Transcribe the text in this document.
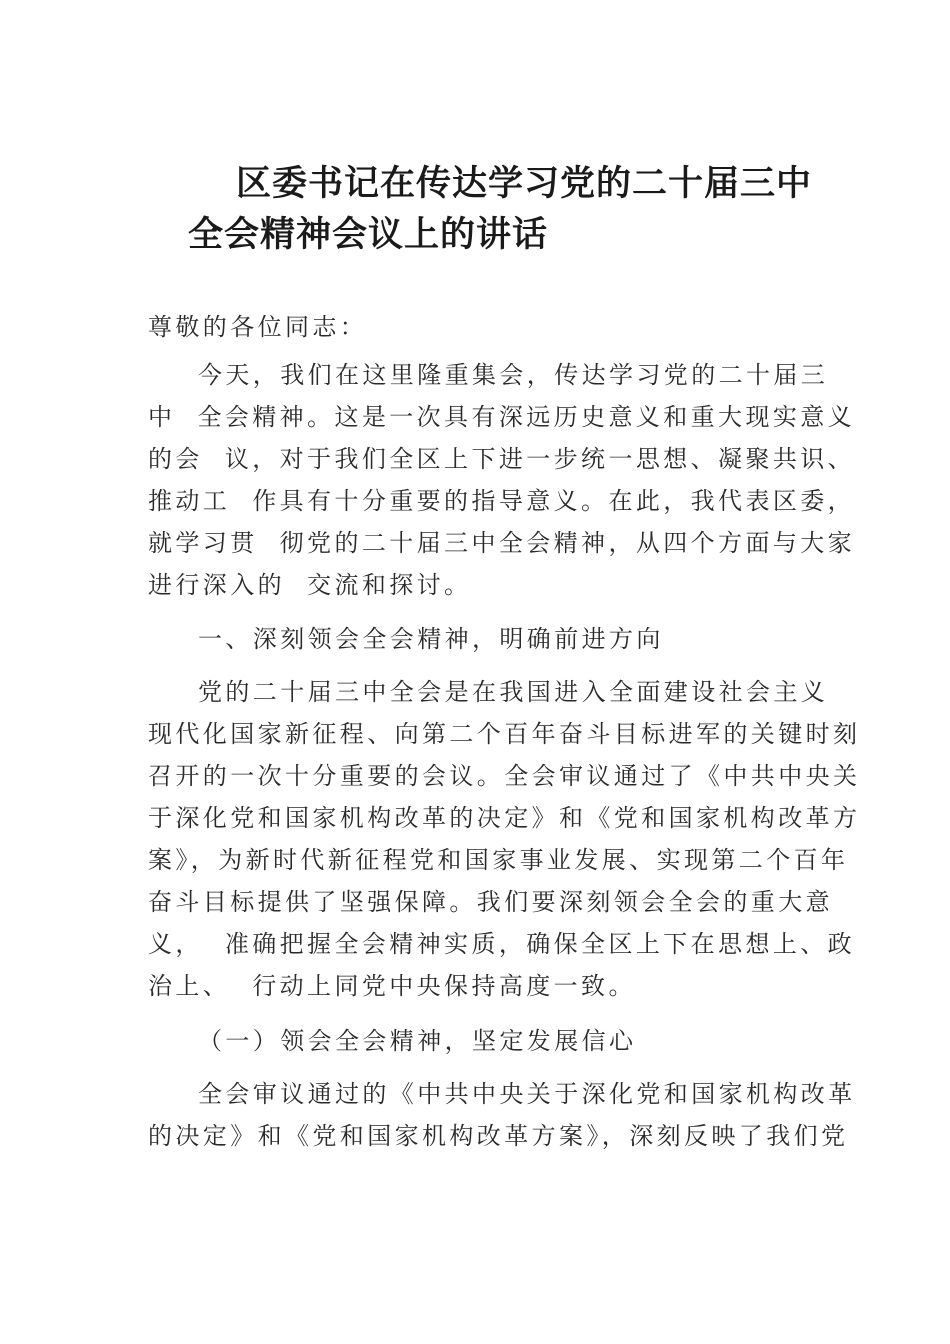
区委书记在传达学习党的二十届三中
全会精神会议上的讲话
尊敬的各位同志：
今天，我们在这里隆重集会，传达学习党的二十届三
中  全会精神。这是一次具有深远历史意义和重大现实意义
的会  议，对于我们全区上下进一步统一思想、凝聚共识、
推动工  作具有十分重要的指导意义。在此，我代表区委，
就学习贯  彻党的二十届三中全会精神，从四个方面与大家
进行深入的  交流和探讨。
一、深刻领会全会精神，明确前进方向
党的二十届三中全会是在我国进入全面建设社会主义
现代化国家新征程、向第二个百年奋斗目标进军的关键时刻
召开的一次十分重要的会议。全会审议通过了《中共中央关
于深化党和国家机构改革的决定》和《党和国家机构改革方
案》，为新时代新征程党和国家事业发展、实现第二个百年
奋斗目标提供了坚强保障。我们要深刻领会全会的重大意
义，  准确把握全会精神实质，确保全区上下在思想上、政
治上、  行动上同党中央保持高度一致。
（一）领会全会精神，坚定发展信心
全会审议通过的《中共中央关于深化党和国家机构改革
的决定》和《党和国家机构改革方案》，深刻反映了我们党
